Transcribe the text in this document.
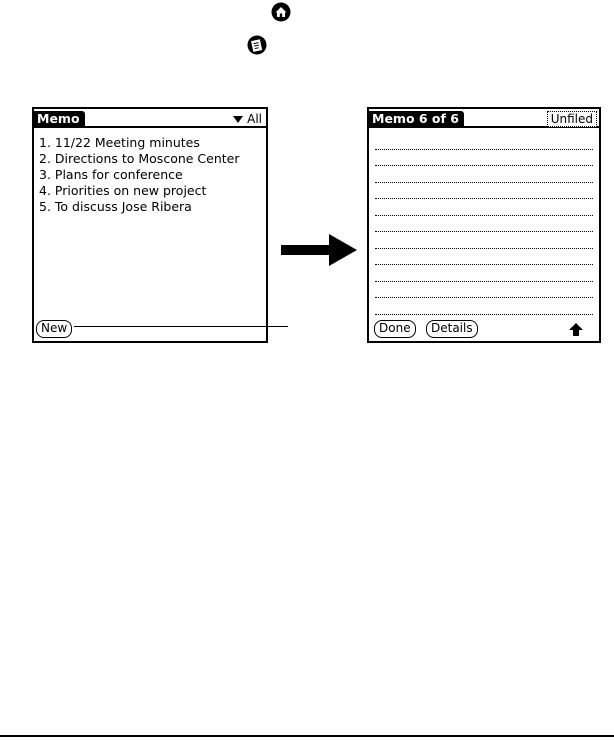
Memo	All
1. 11/22 Meeting minutes
2. Directions to Moscone Center
3. Plans for conference
4. Priorities on new project
5. To discuss Jose Ribera
New
Memo 6 of 6	Unfiled
Done	Details
